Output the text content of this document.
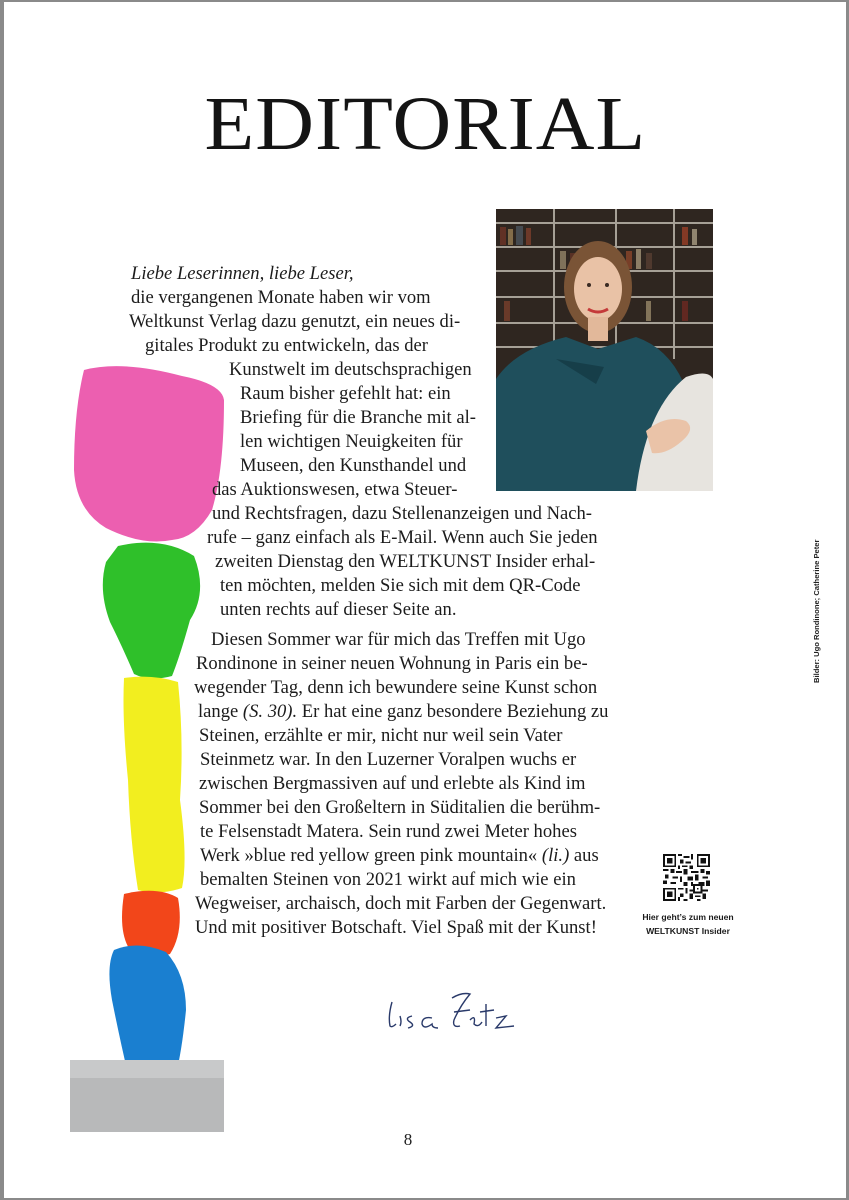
EDITORIAL
Liebe Leserinnen, liebe Leser,
die vergangenen Monate haben wir vom
Weltkunst Verlag dazu genutzt, ein neues di-
gitales Produkt zu entwickeln, das der
Kunstwelt im deutschsprachigen
Raum bisher gefehlt hat: ein
Briefing für die Branche mit al-
len wichtigen Neuigkeiten für
Museen, den Kunsthandel und
das Auktionswesen, etwa Steuer-
und Rechtsfragen, dazu Stellenanzeigen und Nach-
rufe – ganz einfach als E-Mail. Wenn auch Sie jeden
zweiten Dienstag den WELTKUNST Insider erhal-
ten möchten, melden Sie sich mit dem QR-Code
unten rechts auf dieser Seite an.
Diesen Sommer war für mich das Treffen mit Ugo
Rondinone in seiner neuen Wohnung in Paris ein be-
wegender Tag, denn ich bewundere seine Kunst schon
lange (S. 30). Er hat eine ganz besondere Beziehung zu
Steinen, erzählte er mir, nicht nur weil sein Vater
Steinmetz war. In den Luzerner Voralpen wuchs er
zwischen Bergmassiven auf und erlebte als Kind im
Sommer bei den Großeltern in Süditalien die berühm-
te Felsenstadt Matera. Sein rund zwei Meter hohes
Werk »blue red yellow green pink mountain« (li.) aus
bemalten Steinen von 2021 wirkt auf mich wie ein
Wegweiser, archaisch, doch mit Farben der Gegenwart.
Und mit positiver Botschaft. Viel Spaß mit der Kunst!	Hier geht’s zum neuen
WELTKUNST Insider
Bilder: Ugo Rondinone; Catherine Peter
8
